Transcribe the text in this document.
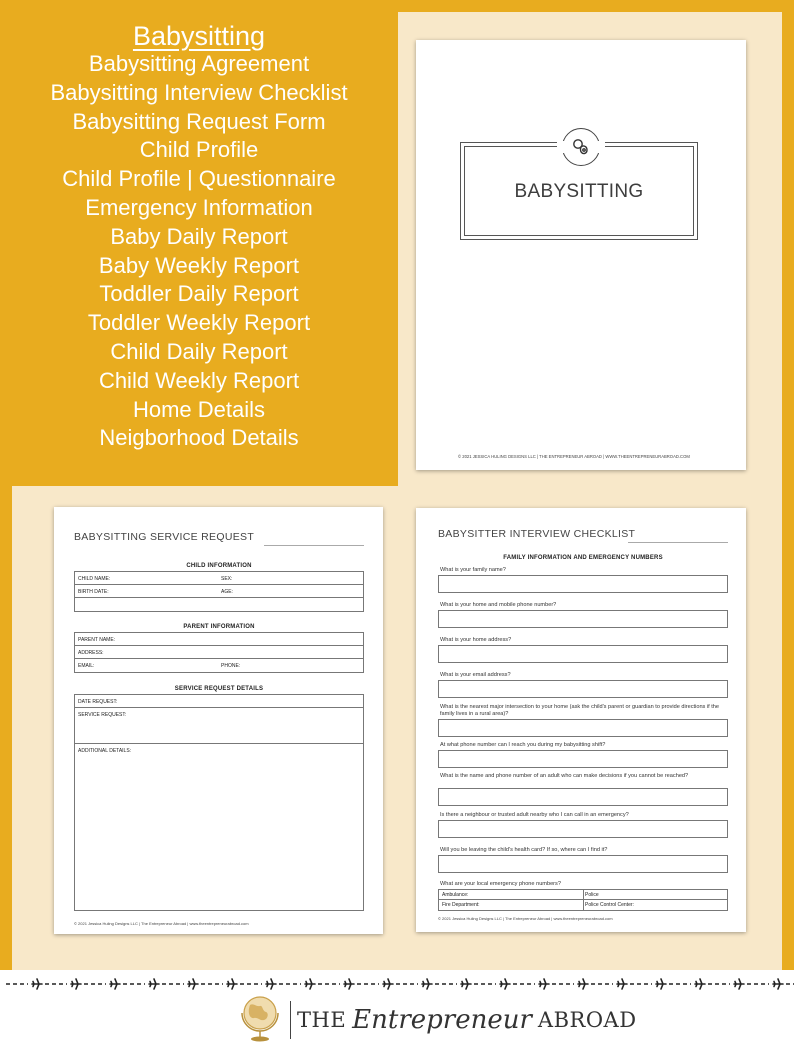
Babysitting
Babysitting Agreement
Babysitting Interview Checklist
Babysitting Request Form
Child Profile
Child Profile | Questionnaire
Emergency Information
Baby Daily Report
Baby Weekly Report
Toddler Daily Report
Toddler Weekly Report
Child Daily Report
Child Weekly Report
Home Details
Neigborhood Details
BABYSITTING
© 2021 JESSICA HULING DESIGNS LLC | THE ENTREPRENEUR ABROAD | WWW.THEENTREPRENEURABROAD.COM
BABYSITTING SERVICE REQUEST
CHILD INFORMATION
CHILD NAME:	SEX:
BIRTH DATE:	AGE:
PARENT INFORMATION
PARENT NAME:
ADDRESS:
EMAIL:	PHONE:
SERVICE REQUEST DETAILS
DATE REQUEST:
SERVICE REQUEST:
ADDITIONAL DETAILS:
© 2021 Jessica Huling Designs LLC | The Entrepreneur Abroad | www.theentrepreneurabroad.com
BABYSITTER INTERVIEW CHECKLIST
FAMILY INFORMATION AND EMERGENCY NUMBERS
What is your family name?
What is your home and mobile phone number?
What is your home address?
What is your email address?
What is the nearest major intersection to your home (ask the child's parent or guardian to provide directions if the family lives in a rural area)?
At what phone number can I reach you during my babysitting shift?
What is the name and phone number of an adult who can make decisions if you cannot be reached?
Is there a neighbour or trusted adult nearby who I can call in an emergency?
Will you be leaving the child's health card? If so, where can I find it?
What are your local emergency phone numbers?
Ambulance:	Police
Fire Department:	Police Control Center:
© 2021 Jessica Huling Designs LLC | The Entrepreneur Abroad | www.theentrepreneurabroad.com
THE Entrepreneur ABROAD
